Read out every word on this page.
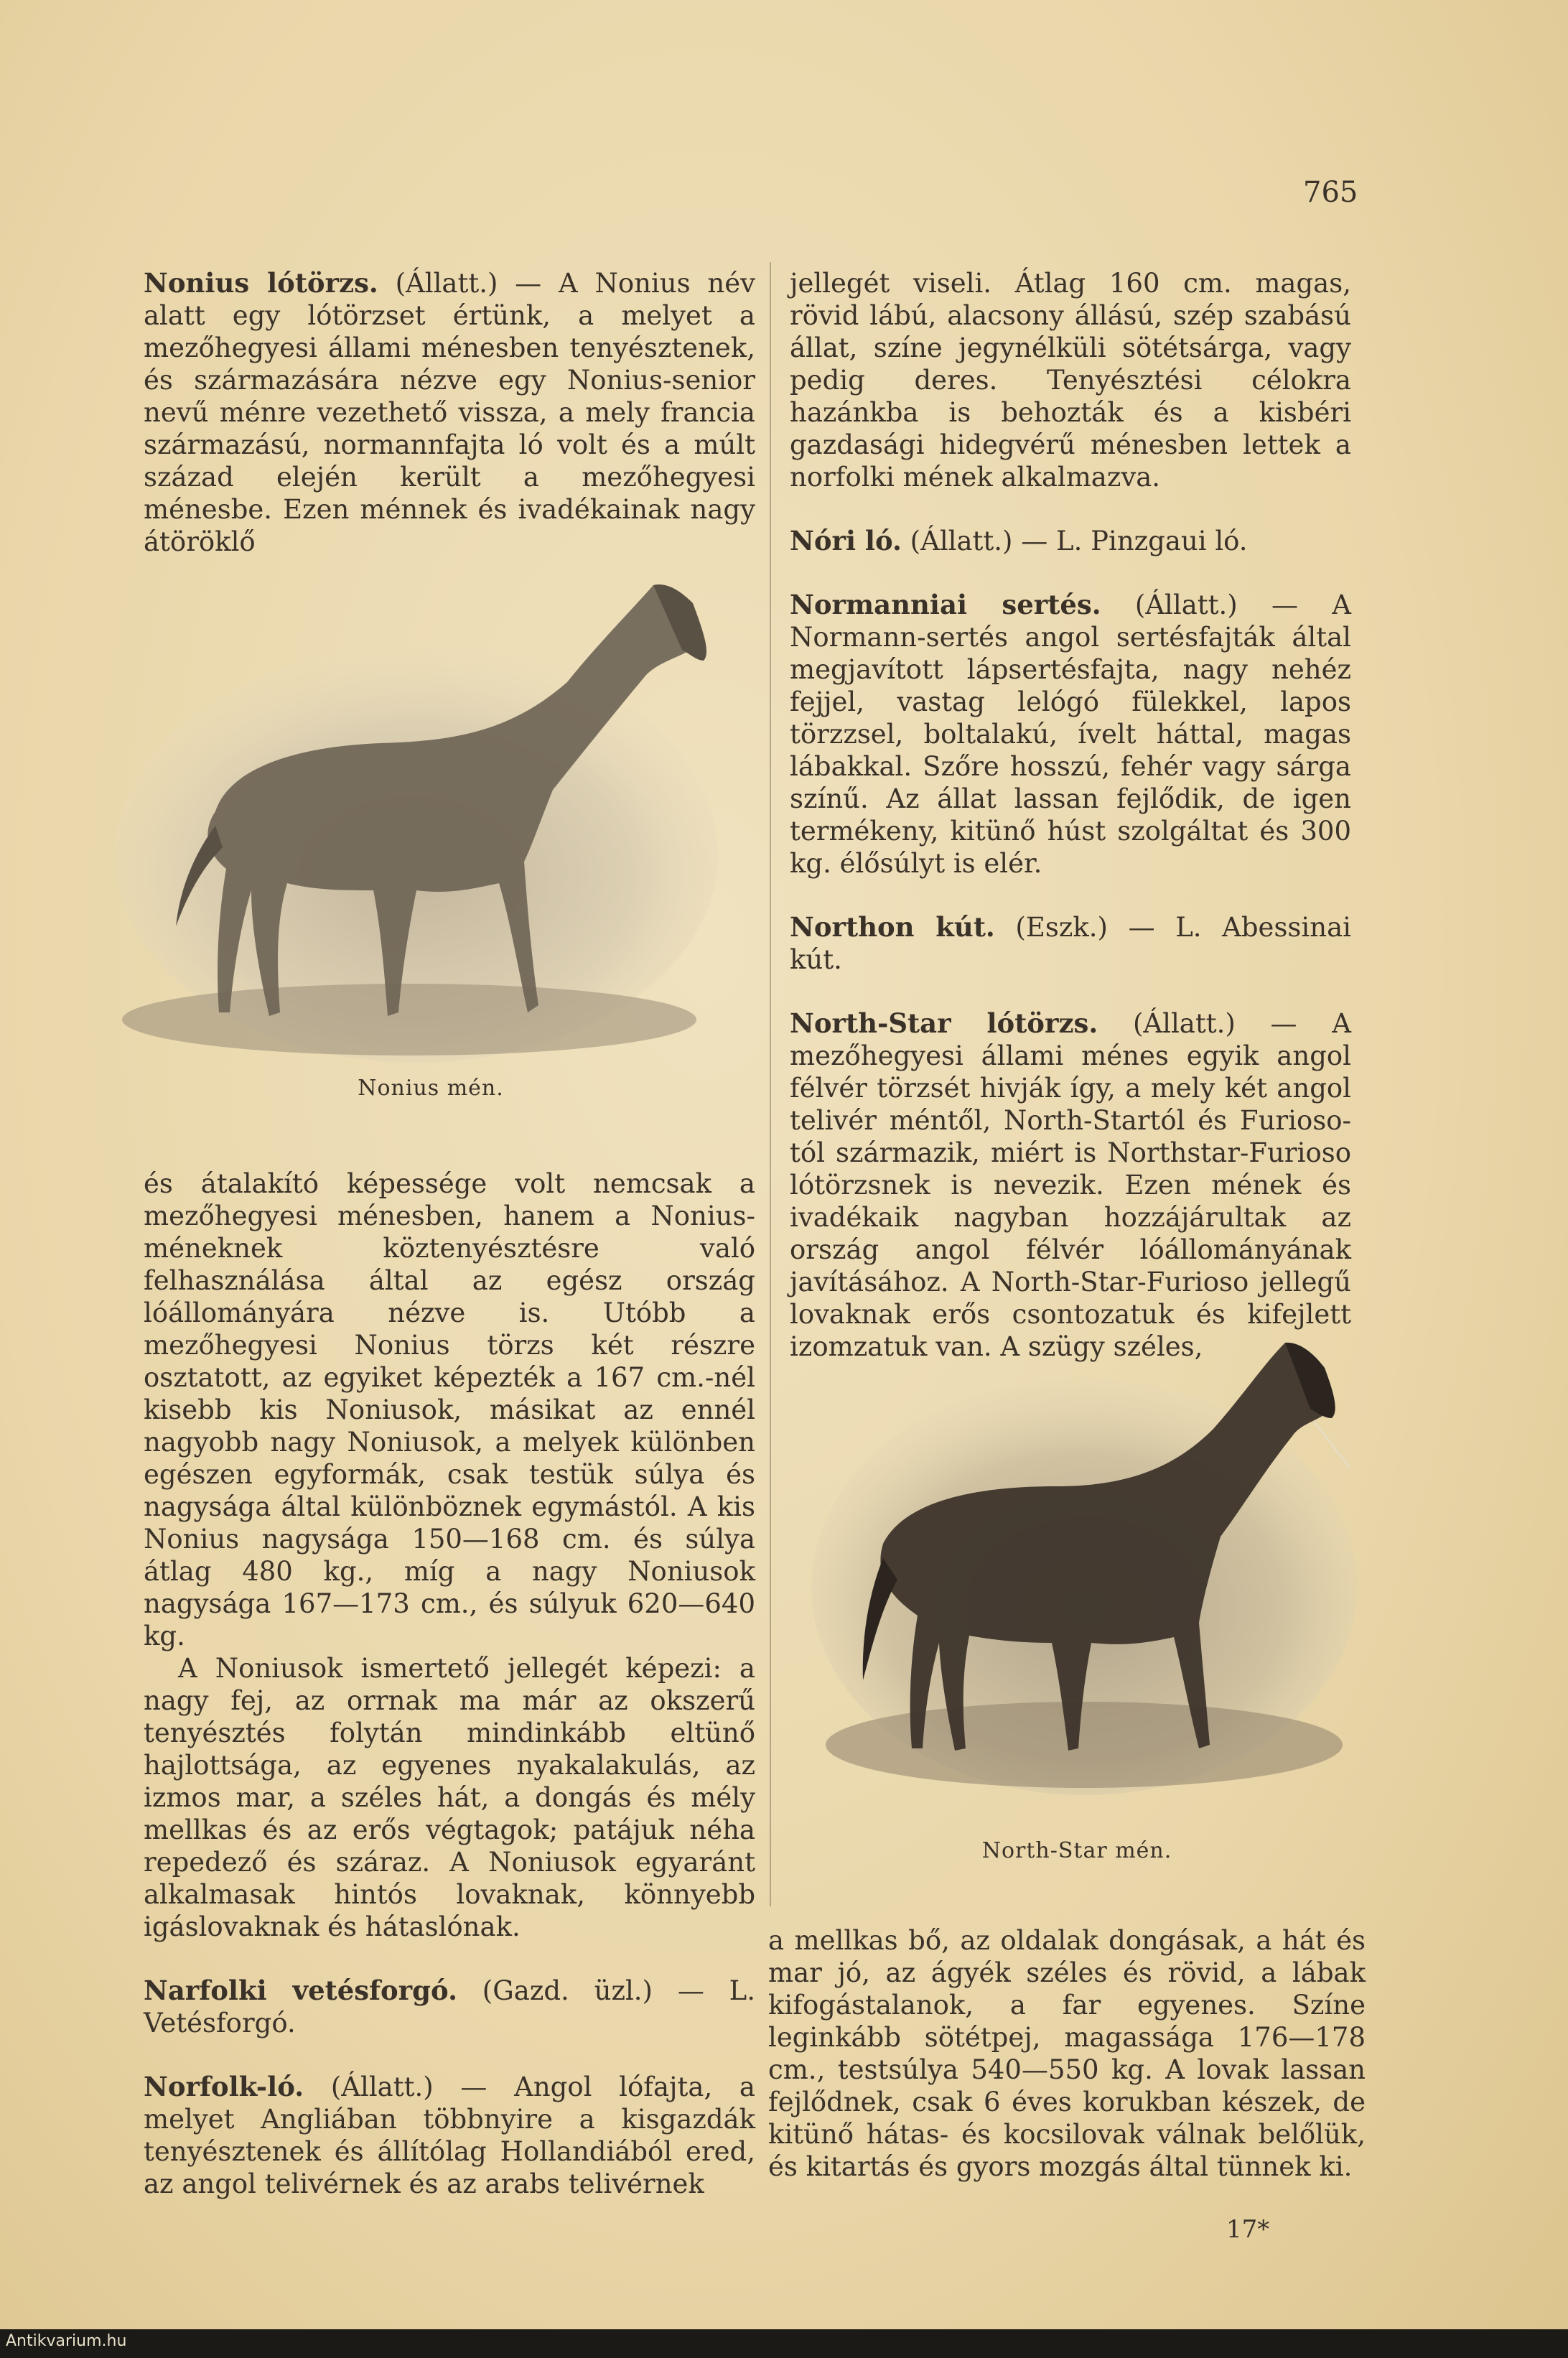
765

Nonius lótörzs. (Állatt.) — A Nonius név alatt egy lótörzset értünk, a melyet a mezőhegyesi állami ménesben tenyésztenek, és származására nézve egy Nonius-senior nevű ménre vezethető vissza, a mely francia származású, normannfajta ló volt és a múlt század elején került a mezőhegyesi ménesbe. Ezen ménnek és ivadékainak nagy átöröklő

Nonius mén.

és átalakító képessége volt nemcsak a mezőhegyesi ménesben, hanem a Nonius-méneknek köztenyésztésre való felhasználása által az egész ország lóállományára nézve is. Utóbb a mezőhegyesi Nonius törzs két részre osztatott, az egyiket képezték a 167 cm.-nél kisebb kis Noniusok, másikat az ennél nagyobb nagy Noniusok, a melyek különben egészen egyformák, csak testük súlya és nagysága által különböznek egymástól. A kis Nonius nagysága 150—168 cm. és súlya átlag 480 kg., míg a nagy Noniusok nagysága 167—173 cm., és súlyuk 620—640 kg.

A Noniusok ismertető jellegét képezi: a nagy fej, az orrnak ma már az okszerű tenyésztés folytán mindinkább eltünő hajlottsága, az egyenes nyakalakulás, az izmos mar, a széles hát, a dongás és mély mellkas és az erős végtagok; patájuk néha repedező és száraz. A Noniusok egyaránt alkalmasak hintós lovaknak, könnyebb igáslovaknak és hátaslónak.

Narfolki vetésforgó. (Gazd. üzl.) — L. Vetésforgó.

Norfolk-ló. (Állatt.) — Angol lófajta, a melyet Angliában többnyire a kisgazdák tenyésztenek és állítólag Hollandiából ered, az angol telivérnek és az arabs telivérnek

jellegét viseli. Átlag 160 cm. magas, rövid lábú, alacsony állású, szép szabású állat, színe jegynélküli sötétsárga, vagy pedig deres. Tenyésztési célokra hazánkba is behozták és a kisbéri gazdasági hidegvérű ménesben lettek a norfolki mének alkalmazva.

Nóri ló. (Állatt.) — L. Pinzgaui ló.

Normanniai sertés. (Állatt.) — A Normann-sertés angol sertésfajták által megjavított lápsertésfajta, nagy nehéz fejjel, vastag lelógó fülekkel, lapos törzzsel, boltalakú, ívelt háttal, magas lábakkal. Szőre hosszú, fehér vagy sárga színű. Az állat lassan fejlődik, de igen termékeny, kitünő húst szolgáltat és 300 kg. élősúlyt is elér.

Northon kút. (Eszk.) — L. Abessinai kút.

North-Star lótörzs. (Állatt.) — A mezőhegyesi állami ménes egyik angol félvér törzsét hivják így, a mely két angol telivér méntől, North-Startól és Furioso-tól származik, miért is Northstar-Furioso lótörzsnek is nevezik. Ezen mének és ivadékaik nagyban hozzájárultak az ország angol félvér lóállományának javításához. A North-Star-Furioso jellegű lovaknak erős csontozatuk és kifejlett izomzatuk van. A szügy széles,

North-Star mén.

a mellkas bő, az oldalak dongásak, a hát és mar jó, az ágyék széles és rövid, a lábak kifogástalanok, a far egyenes. Színe leginkább sötétpej, magassága 176—178 cm., testsúlya 540—550 kg. A lovak lassan fejlődnek, csak 6 éves korukban készek, de kitünő hátas- és kocsilovak válnak belőlük, és kitartás és gyors mozgás által tünnek ki.

17*
Antikvarium.hu
